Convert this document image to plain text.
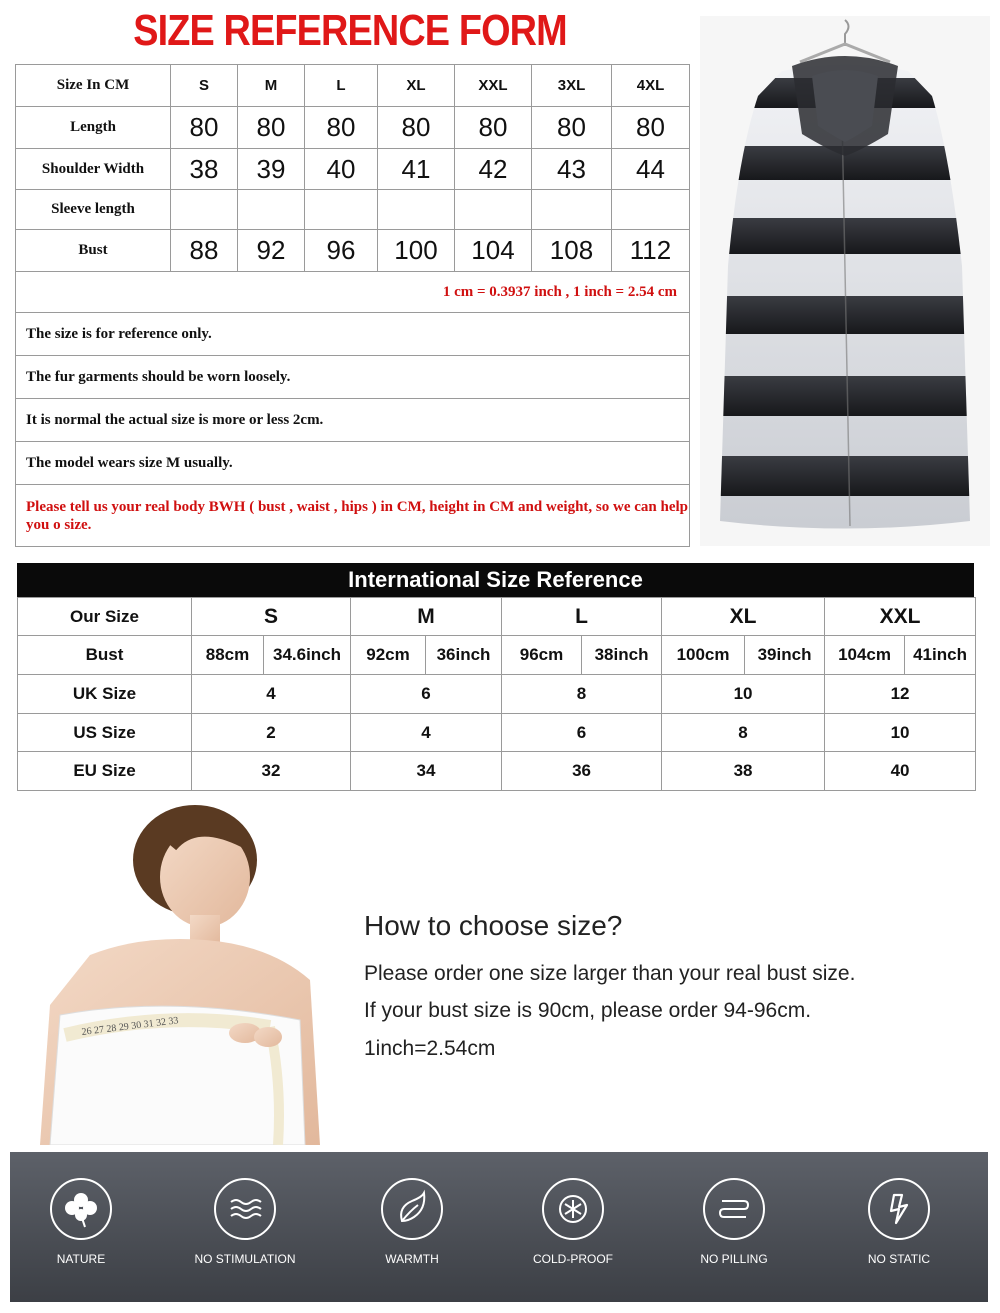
SIZE REFERENCE FORM
Size In CM	S	M	L	XL	XXL	3XL	4XL
Length	80	80	80	80	80	80	80
Shoulder Width	38	39	40	41	42	43	44
Sleeve length							
Bust	88	92	96	100	104	108	112
1 cm = 0.3937 inch , 1 inch = 2.54 cm							
The size is for reference only.							
The fur garments should be worn loosely.							
It is normal the actual size is more or less 2cm.							
The model wears size M usually.							
Please tell us your real body BWH ( bust , waist , hips ) in CM, height in CM and weight, so we can help you o size.							
International Size Reference
Our Size	S		M		L		XL		XXL	
Bust	88cm	34.6inch	92cm	36inch	96cm	38inch	100cm	39inch	104cm	41inch
UK Size	4		6		8		10		12	
US Size	2		4		6		8		10	
EU Size	32		34		36		38		40	
26 27 28 29 30 31 32 33
How to choose size?
Please order one size larger than your real bust size.
If your bust size is 90cm, please order 94-96cm.
1inch=2.54cm
NATURE	NO STIMULATION	WARMTH	COLD-PROOF	NO PILLING	NO STATIC
